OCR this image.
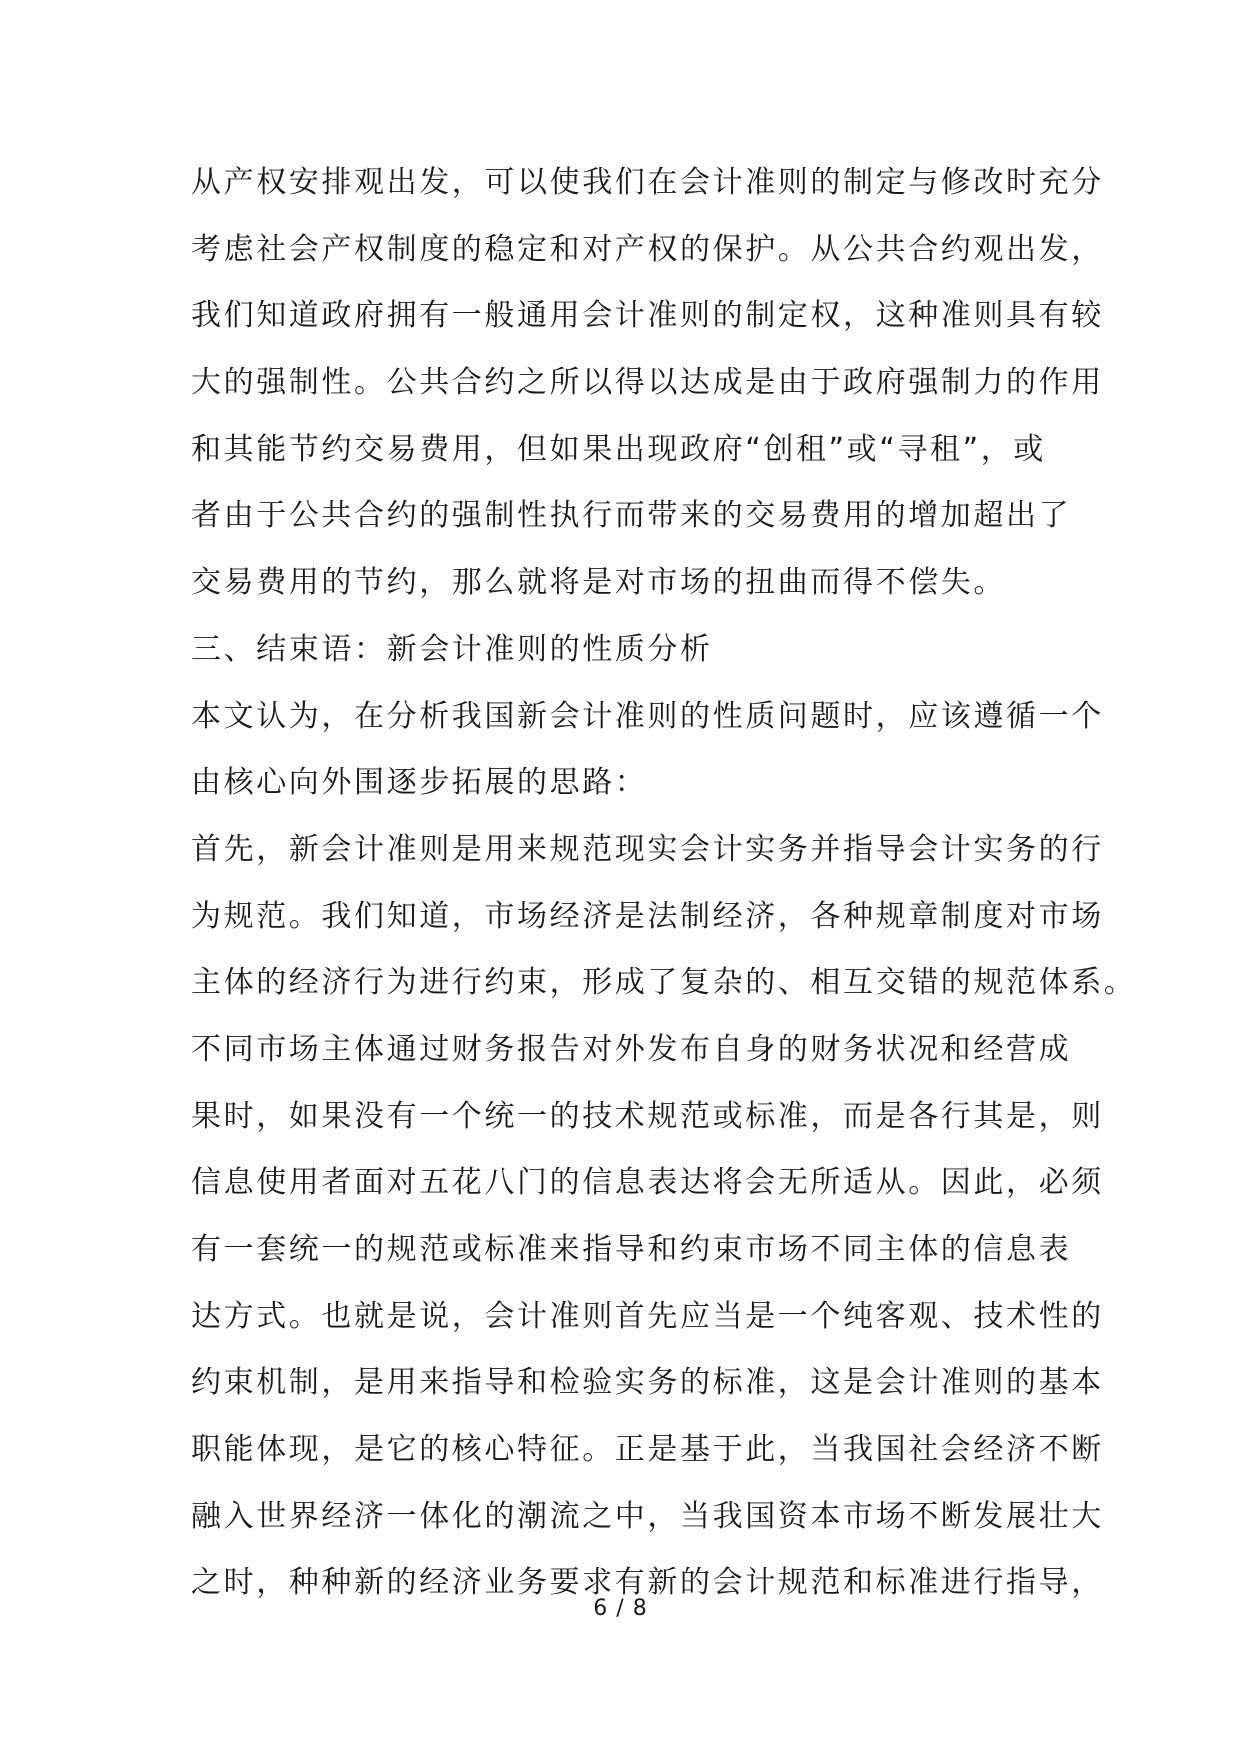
从产权安排观出发，可以使我们在会计准则的制定与修改时充分
考虑社会产权制度的稳定和对产权的保护。从公共合约观出发，
我们知道政府拥有一般通用会计准则的制定权，这种准则具有较
大的强制性。公共合约之所以得以达成是由于政府强制力的作用
和其能节约交易费用，但如果出现政府“创租”或“寻租”，或
者由于公共合约的强制性执行而带来的交易费用的增加超出了
交易费用的节约，那么就将是对市场的扭曲而得不偿失。
三、结束语：新会计准则的性质分析
本文认为，在分析我国新会计准则的性质问题时，应该遵循一个
由核心向外围逐步拓展的思路：
首先，新会计准则是用来规范现实会计实务并指导会计实务的行
为规范。我们知道，市场经济是法制经济，各种规章制度对市场
主体的经济行为进行约束，形成了复杂的、相互交错的规范体系。
不同市场主体通过财务报告对外发布自身的财务状况和经营成
果时，如果没有一个统一的技术规范或标准，而是各行其是，则
信息使用者面对五花八门的信息表达将会无所适从。因此，必须
有一套统一的规范或标准来指导和约束市场不同主体的信息表
达方式。也就是说，会计准则首先应当是一个纯客观、技术性的
约束机制，是用来指导和检验实务的标准，这是会计准则的基本
职能体现，是它的核心特征。正是基于此，当我国社会经济不断
融入世界经济一体化的潮流之中，当我国资本市场不断发展壮大
之时，种种新的经济业务要求有新的会计规范和标准进行指导，
6 / 8
